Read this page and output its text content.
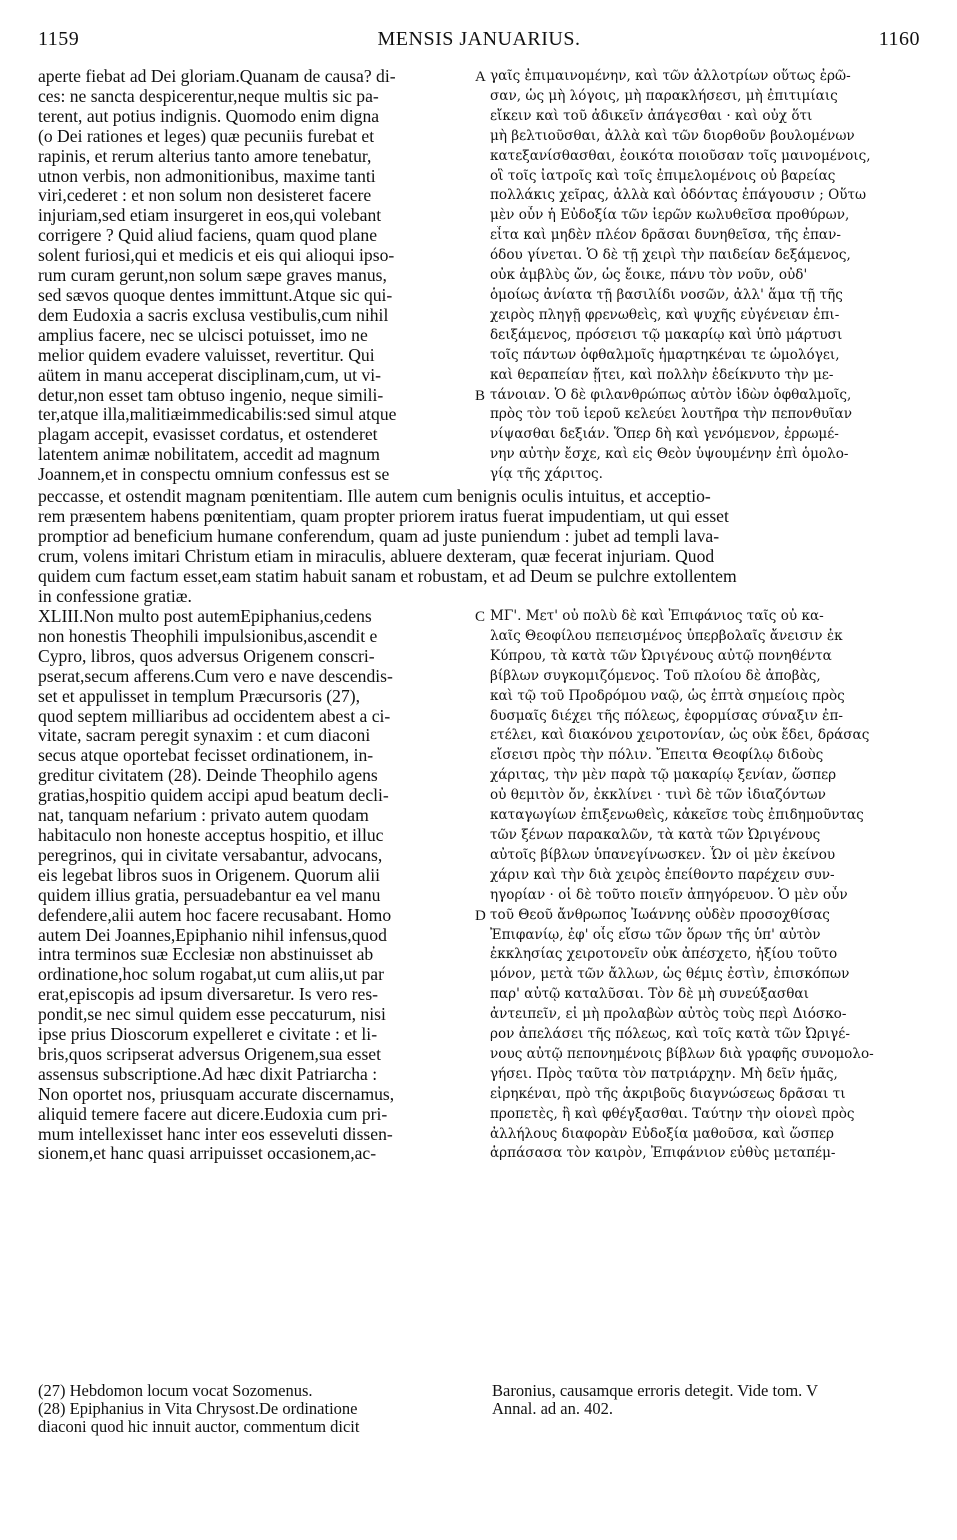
1159	MENSIS JANUARIUS.	1160
aperte fiebat ad Dei gloriam.Quanam de causa? di-
ces: ne sancta despicerentur,neque multis sic pa-
terent, aut potius indignis. Quomodo enim digna
(o Dei rationes et leges) quæ pecuniis furebat et
rapinis, et rerum alterius tanto amore tenebatur,
utnon verbis, non admonitionibus, maxime tanti
viri,cederet : et non solum non desisteret facere
injuriam,sed etiam insurgeret in eos,qui volebant
corrigere ? Quid aliud faciens, quam quod plane
solent furiosi,qui et medicis et eis qui alioqui ipso-
rum curam gerunt,non solum sæpe graves manus,
sed sævos quoque dentes immittunt.Atque sic qui-
dem Eudoxia a sacris exclusa vestibulis,cum nihil
amplius facere, nec se ulcisci potuisset, imo ne
melior quidem evadere valuisset, revertitur. Qui
aütem in manu acceperat disciplinam,cum, ut vi-
detur,non esset tam obtuso ingenio, neque simili-
ter,atque illa,malitiæimmedicabilis:sed simul atque
plagam accepit, evasisset cordatus, et ostenderet
latentem animæ nobilitatem, accedit ad magnum
Joannem,et in conspectu omnium confessus est se
γαῖς ἐπιμαινομένην, καὶ τῶν ἀλλοτρίων οὕτως ἐρῶ-
σαν, ὡς μὴ λόγοις, μὴ παρακλήσεσι, μὴ ἐπιτιμίαις
εἴκειν καὶ τοῦ ἀδικεῖν ἀπάγεσθαι · καὶ οὐχ ὅτι
μὴ βελτιοῦσθαι, ἀλλὰ καὶ τῶν διορθοῦν βουλομένων
κατεξανίσθασθαι, ἐοικότα ποιοῦσαν τοῖς μαινομένοις,
οἳ τοῖς ἰατροῖς καὶ τοῖς ἐπιμελομένοις οὐ βαρείας
πολλάκις χεῖρας, ἀλλὰ καὶ ὀδόντας ἐπάγουσιν ; Οὕτω
μὲν οὖν ἡ Εὐδοξία τῶν ἱερῶν κωλυθεῖσα προθύρων,
εἶτα καὶ μηδὲν πλέον δρᾶσαι δυνηθεῖσα, τῆς ἐπαν-
όδου γίνεται. Ὁ δὲ τῇ χειρὶ τὴν παιδείαν δεξάμενος,
οὐκ ἀμβλὺς ὤν, ὡς ἔοικε, πάνυ τὸν νοῦν, οὐδ'
ὁμοίως ἀνίατα τῇ βασιλίδι νοσῶν, ἀλλ' ἅμα τῇ τῆς
χειρὸς πληγῇ φρενωθεὶς, καὶ ψυχῆς εὐγένειαν ἐπι-
δειξάμενος, πρόσεισι τῷ μακαρίῳ καὶ ὑπὸ μάρτυσι
τοῖς πάντων ὀφθαλμοῖς ἡμαρτηκέναι τε ὡμολόγει,
καὶ θεραπείαν ᾔτει, καὶ πολλὴν ἐδείκνυτο τὴν με-
τάνοιαν. Ὁ δὲ φιλανθρώπως αὐτὸν ἰδὼν ὀφθαλμοῖς,
πρὸς τὸν τοῦ ἱεροῦ κελεύει λουτῆρα τὴν πεπονθυῖαν
νίψασθαι δεξιάν. Ὅπερ δὴ καὶ γενόμενον, ἐρρωμέ-
νην αὐτὴν ἔσχε, καὶ εἰς Θεὸν ὑψουμένην ἐπὶ ὁμολο-
γίᾳ τῆς χάριτος.
peccasse, et ostendit magnam pœnitentiam. Ille autem cum benignis oculis intuitus, et acceptio-
rem præsentem habens pœnitentiam, quam propter priorem iratus fuerat impudentiam, ut qui esset
promptior ad beneficium humane conferendum, quam ad juste puniendum : jubet ad templi lava-
crum, volens imitari Christum etiam in miraculis, abluere dexteram, quæ fecerat injuriam. Quod
quidem cum factum esset,eam statim habuit sanam et robustam, et ad Deum se pulchre extollentem
in confessione gratiæ.
XLIII.Non multo post autemEpiphanius,cedens
non honestis Theophili impulsionibus,ascendit e
Cypro, libros, quos adversus Origenem conscri-
pserat,secum afferens.Cum vero e nave descendis-
set et appulisset in templum Præcursoris (27),
quod septem milliaribus ad occidentem abest a ci-
vitate, sacram peregit synaxim : et cum diaconi
secus atque oportebat fecisset ordinationem, in-
greditur civitatem (28). Deinde Theophilo agens
gratias,hospitio quidem accipi apud beatum decli-
nat, tanquam nefarium : privato autem quodam
habitaculo non honeste acceptus hospitio, et illuc
peregrinos, qui in civitate versabantur, advocans,
eis legebat libros suos in Origenem. Quorum alii
quidem illius gratia, persuadebantur ea vel manu
defendere,alii autem hoc facere recusabant. Homo
autem Dei Joannes,Epiphanio nihil infensus,quod
intra terminos suæ Ecclesiæ non abstinuisset ab
ordinatione,hoc solum rogabat,ut cum aliis,ut par
erat,episcopis ad ipsum diversaretur. Is vero res-
pondit,se nec simul quidem esse peccaturum, nisi
ipse prius Dioscorum expelleret e civitate : et li-
bris,quos scripserat adversus Origenem,sua esset
assensus subscriptione.Ad hæc dixit Patriarcha :
Non oportet nos, priusquam accurate discernamus,
aliquid temere facere aut dicere.Eudoxia cum pri-
mum intellexisset hanc inter eos esseveluti dissen-
sionem,et hanc quasi arripuisset occasionem,ac-
ΜΓ'. Μετ' οὐ πολὺ δὲ καὶ Ἐπιφάνιος ταῖς οὐ κα-
λαῖς Θεοφίλου πεπεισμένος ὑπερβολαῖς ἄνεισιν ἐκ
Κύπρου, τὰ κατὰ τῶν Ὠριγένους αὐτῷ πονηθέντα
βίβλων συγκομιζόμενος. Τοῦ πλοίου δὲ ἀποβὰς,
καὶ τῷ τοῦ Προδρόμου ναῷ, ὡς ἑπτὰ σημείοις πρὸς
δυσμαῖς διέχει τῆς πόλεως, ἐφορμίσας σύναξιν ἐπ-
ετέλει, καὶ διακόνου χειροτονίαν, ὡς οὐκ ἔδει, δράσας
εἴσεισι πρὸς τὴν πόλιν. Ἔπειτα Θεοφίλῳ διδοὺς
χάριτας, τὴν μὲν παρὰ τῷ μακαρίῳ ξενίαν, ὥσπερ
οὐ θεμιτὸν ὄν, ἐκκλίνει · τινὶ δὲ τῶν ἰδιαζόντων
καταγωγίων ἐπιξενωθεὶς, κἀκεῖσε τοὺς ἐπιδημοῦντας
τῶν ξένων παρακαλῶν, τὰ κατὰ τῶν Ὠριγένους
αὐτοῖς βίβλων ὑπανεγίνωσκεν. Ὧν οἱ μὲν ἐκείνου
χάριν καὶ τὴν διὰ χειρὸς ἐπείθοντο παρέχειν συν-
ηγορίαν · οἱ δὲ τοῦτο ποιεῖν ἀπηγόρευον. Ὁ μὲν οὖν
τοῦ Θεοῦ ἄνθρωπος Ἰωάννης οὐδὲν προσοχθίσας
Ἐπιφανίῳ, ἐφ' οἷς εἴσω τῶν ὅρων τῆς ὑπ' αὐτὸν
ἐκκλησίας χειροτονεῖν οὐκ ἀπέσχετο, ἠξίου τοῦτο
μόνον, μετὰ τῶν ἄλλων, ὡς θέμις ἐστὶν, ἐπισκόπων
παρ' αὐτῷ καταλῦσαι. Τὸν δὲ μὴ συνεύξασθαι
ἀντειπεῖν, εἰ μὴ προλαβὼν αὐτὸς τοὺς περὶ Διόσκο-
ρον ἀπελάσει τῆς πόλεως, καὶ τοῖς κατὰ τῶν Ὠριγέ-
νους αὐτῷ πεπονημένοις βίβλων διὰ γραφῆς συνομολο-
γήσει. Πρὸς ταῦτα τὸν πατριάρχην. Μὴ δεῖν ἡμᾶς,
εἰρηκέναι, πρὸ τῆς ἀκριβοῦς διαγνώσεως δρᾶσαι τι
προπετὲς, ἢ καὶ φθέγξασθαι. Ταύτην τὴν οἱονεὶ πρὸς
ἀλλήλους διαφορὰν Εὐδοξία μαθοῦσα, καὶ ὥσπερ
ἁρπάσασα τὸν καιρὸν, Ἐπιφάνιον εὐθὺς μεταπέμ-
A
B
C
D
(27) Hebdomon locum vocat Sozomenus.
(28) Epiphanius in Vita Chrysost.De ordinatione
diaconi quod hic innuit auctor, commentum dicit
Baronius, causamque erroris detegit. Vide tom. V
Annal. ad an. 402.
